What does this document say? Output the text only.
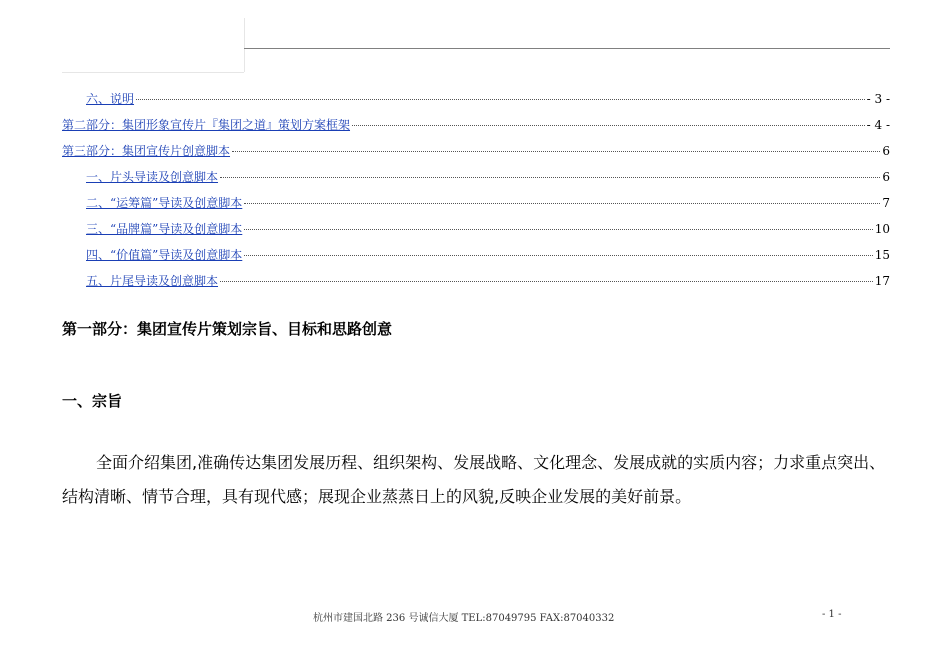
六、说明	- 3 -
第二部分：集团形象宣传片『集团之道』策划方案框架	- 4 -
第三部分：集团宣传片创意脚本	6
一、片头导读及创意脚本	6
二、“运筹篇”导读及创意脚本	7
三、“品牌篇”导读及创意脚本	10
四、“价值篇”导读及创意脚本	15
五、片尾导读及创意脚本	17
第一部分：集团宣传片策划宗旨、目标和思路创意
一、宗旨
全面介绍集团,准确传达集团发展历程、组织架构、发展战略、文化理念、发展成就的实质内容；力求重点突出、结构清晰、情节合理，具有现代感；展现企业蒸蒸日上的风貌,反映企业发展的美好前景。
杭州市建国北路 236 号诚信大厦 TEL:87049795 FAX:87040332	- 1 -
